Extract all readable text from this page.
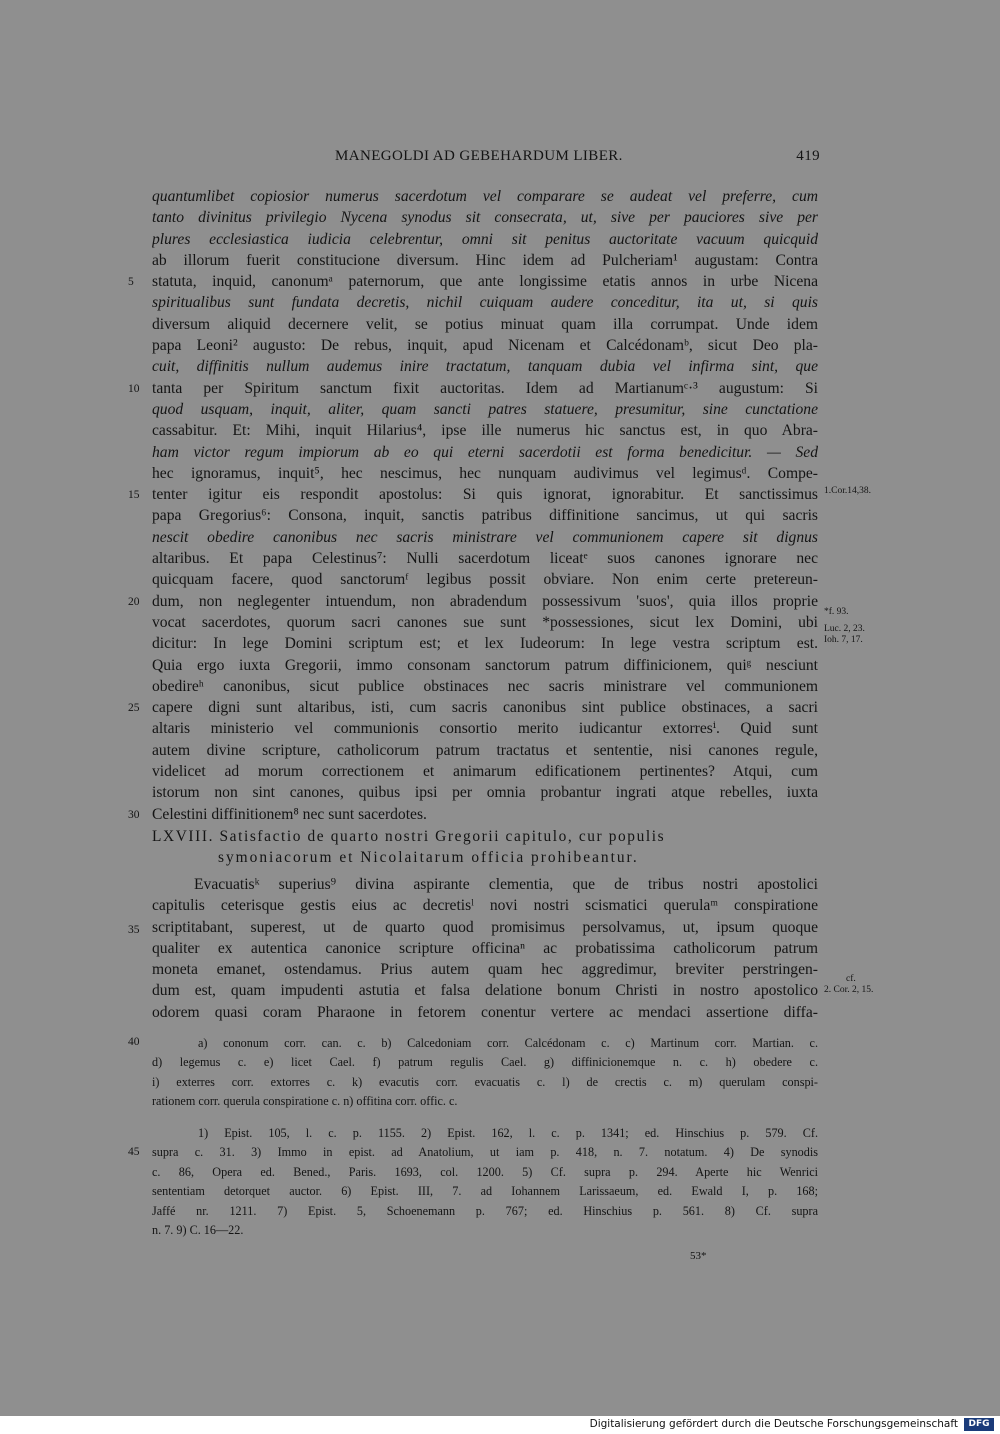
MANEGOLDI AD GEBEHARDUM LIBER.	419
quantumlibet copiosior numerus sacerdotum vel comparare se audeat vel preferre, cum
tanto divinitus privilegio Nycena synodus sit consecrata, ut, sive per pauciores sive per
plures ecclesiastica iudicia celebrentur, omni sit penitus auctoritate vacuum quicquid
ab illorum fuerit constitucione diversum. Hinc idem ad Pulcheriam¹ augustam: Contra
statuta, inquid, canonumᵃ paternorum, que ante longissime etatis annos in urbe Nicena
spiritualibus sunt fundata decretis, nichil cuiquam audere conceditur, ita ut, si quis
diversum aliquid decernere velit, se potius minuat quam illa corrumpat. Unde idem
papa Leoni² augusto: De rebus, inquit, apud Nicenam et Calcédonamᵇ, sicut Deo pla-
cuit, diffinitis nullum audemus inire tractatum, tanquam dubia vel infirma sint, que
tanta per Spiritum sanctum fixit auctoritas. Idem ad Martianumᶜ·³ augustum: Si
quod usquam, inquit, aliter, quam sancti patres statuere, presumitur, sine cunctatione
cassabitur. Et: Mihi, inquit Hilarius⁴, ipse ille numerus hic sanctus est, in quo Abra-
ham victor regum impiorum ab eo qui eterni sacerdotii est forma benedicitur. — Sed
hec ignoramus, inquit⁵, hec nescimus, hec nunquam audivimus vel legimusᵈ. Compe-
tenter igitur eis respondit apostolus: Si quis ignorat, ignorabitur. Et sanctissimus
papa Gregorius⁶: Consona, inquit, sanctis patribus diffinitione sancimus, ut qui sacris
nescit obedire canonibus nec sacris ministrare vel communionem capere sit dignus
altaribus. Et papa Celestinus⁷: Nulli sacerdotum liceatᵉ suos canones ignorare nec
quicquam facere, quod sanctorumᶠ legibus possit obviare. Non enim certe pretereun-
dum, non neglegenter intuendum, non abradendum possessivum 'suos', quia illos proprie
vocat sacerdotes, quorum sacri canones sue sunt *possessiones, sicut lex Domini, ubi
dicitur: In lege Domini scriptum est; et lex Iudeorum: In lege vestra scriptum est.
Quia ergo iuxta Gregorii, immo consonam sanctorum patrum diffinicionem, quiᵍ nesciunt
obedireʰ canonibus, sicut publice obstinaces nec sacris ministrare vel communionem
capere digni sunt altaribus, isti, cum sacris canonibus sint publice obstinaces, a sacri
altaris ministerio vel communionis consortio merito iudicantur extorresⁱ. Quid sunt
autem divine scripture, catholicorum patrum tractatus et sententie, nisi canones regule,
videlicet ad morum correctionem et animarum edificationem pertinentes? Atqui, cum
istorum non sint canones, quibus ipsi per omnia probantur ingrati atque rebelles, iuxta
Celestini diffinitionem⁸ nec sunt sacerdotes.
LXVIII. Satisfactio de quarto nostri Gregorii capitulo, cur populis
symoniacorum et Nicolaitarum officia prohibeantur.
Evacuatisᵏ superius⁹ divina aspirante clementia, que de tribus nostri apostolici
capitulis ceterisque gestis eius ac decretisˡ novi nostri scismatici querulaᵐ conspiratione
scriptitabant, superest, ut de quarto quod promisimus persolvamus, ut, ipsum quoque
qualiter ex autentica canonice scripture officinaⁿ ac probatissima catholicorum patrum
moneta emanet, ostendamus. Prius autem quam hec aggredimur, breviter perstringen-
dum est, quam impudenti astutia et falsa delatione bonum Christi in nostro apostolico
odorem quasi coram Pharaone in fetorem conentur vertere ac mendaci assertione diffa-
a) cononum corr. can. c. b) Calcedoniam corr. Calcédonam c. c) Martinum corr. Martian. c.
d) legemus c. e) licet Cael. f) patrum regulis Cael. g) diffinicionemque n. c. h) obedere c.
i) exterres corr. extorres c. k) evacutis corr. evacuatis c. l) de crectis c. m) querulam conspi-
rationem corr. querula conspiratione c. n) offitina corr. offic. c.
1) Epist. 105, l. c. p. 1155. 2) Epist. 162, l. c. p. 1341; ed. Hinschius p. 579. Cf.
supra c. 31. 3) Immo in epist. ad Anatolium, ut iam p. 418, n. 7. notatum. 4) De synodis
c. 86, Opera ed. Bened., Paris. 1693, col. 1200. 5) Cf. supra p. 294. Aperte hic Wenrici
sententiam detorquet auctor. 6) Epist. III, 7. ad Iohannem Larissaeum, ed. Ewald I, p. 168;
Jaffé nr. 1211. 7) Epist. 5, Schoenemann p. 767; ed. Hinschius p. 561. 8) Cf. supra
n. 7. 9) C. 16—22.
5
10
15
20
25
30
35
40
45
1.Cor.14,38.
*f. 93.
Luc. 2, 23.
Ioh. 7, 17.
cf.
2. Cor. 2, 15.
53*
Digitalisierung gefördert durch die Deutsche Forschungsgemeinschaft	DFG
